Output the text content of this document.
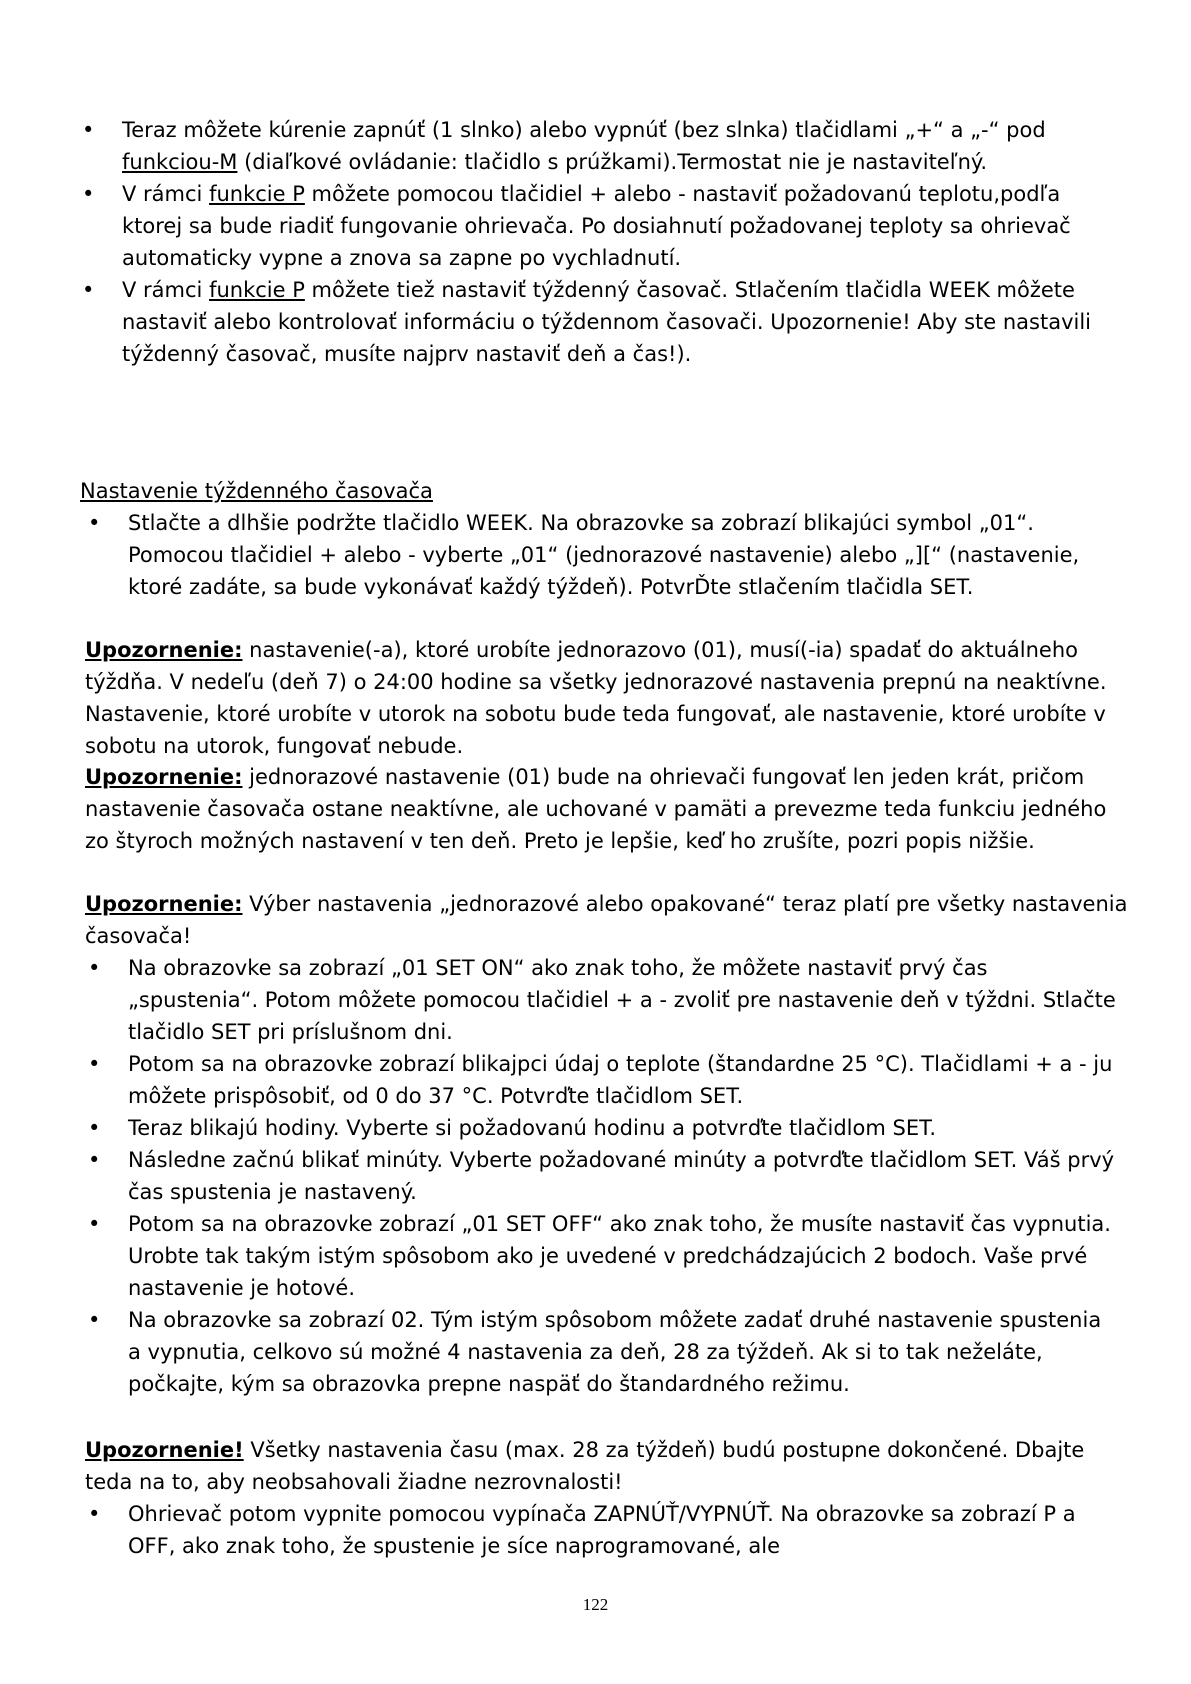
•	Teraz môžete kúrenie zapnúť (1 slnko) alebo vypnúť (bez slnka) tlačidlami „+“ a „-“ pod funkciou-M (diaľkové ovládanie: tlačidlo s prúžkami).Termostat nie je nastaviteľný.
•	V rámci funkcie P môžete pomocou tlačidiel + alebo - nastaviť požadovanú teplotu,podľa ktorej sa bude riadiť fungovanie ohrievača. Po dosiahnutí požadovanej teploty sa ohrievač automaticky vypne a znova sa zapne po vychladnutí.
•	V rámci funkcie P môžete tiež nastaviť týždenný časovač. Stlačením tlačidla WEEK môžete nastaviť alebo kontrolovať informáciu o týždennom časovači. Upozornenie! Aby ste nastavili týždenný časovač, musíte najprv nastaviť deň a čas!).
Nastavenie týždenného časovača
•	Stlačte a dlhšie podržte tlačidlo WEEK. Na obrazovke sa zobrazí blikajúci symbol „01“. Pomocou tlačidiel + alebo - vyberte „01“ (jednorazové nastavenie) alebo „][“ (nastavenie, ktoré zadáte, sa bude vykonávať každý týždeň). PotvrĎte stlačením tlačidla SET.

Upozornenie: nastavenie(-a), ktoré urobíte jednorazovo (01), musí(-ia) spadať do aktuálneho týždňa. V nedeľu (deň 7) o 24:00 hodine sa všetky jednorazové nastavenia prepnú na neaktívne. Nastavenie, ktoré urobíte v utorok na sobotu bude teda fungovať, ale nastavenie, ktoré urobíte v sobotu na utorok, fungovať nebude.

Upozornenie: jednorazové nastavenie (01) bude na ohrievači fungovať len jeden krát, pričom nastavenie časovača ostane neaktívne, ale uchované v pamäti a prevezme teda funkciu jedného zo štyroch možných nastavení v ten deň. Preto je lepšie, keď ho zrušíte, pozri popis nižšie.

Upozornenie: Výber nastavenia „jednorazové alebo opakované“ teraz platí pre všetky nastavenia časovača!

•	Na obrazovke sa zobrazí „01 SET ON“ ako znak toho, že môžete nastaviť prvý čas „spustenia“. Potom môžete pomocou tlačidiel + a - zvoliť pre nastavenie deň v týždni. Stlačte tlačidlo SET pri príslušnom dni.
•	Potom sa na obrazovke zobrazí blikajpci údaj o teplote (štandardne 25 °C). Tlačidlami + a - ju môžete prispôsobiť, od 0 do 37 °C. Potvrďte tlačidlom SET.
•	Teraz blikajú hodiny. Vyberte si požadovanú hodinu a potvrďte tlačidlom SET.
•	Následne začnú blikať minúty. Vyberte požadované minúty a potvrďte tlačidlom SET. Váš prvý čas spustenia je nastavený.
•	Potom sa na obrazovke zobrazí „01 SET OFF“ ako znak toho, že musíte nastaviť čas vypnutia. Urobte tak takým istým spôsobom ako je uvedené v predchádzajúcich 2 bodoch. Vaše prvé nastavenie je hotové.
•	Na obrazovke sa zobrazí 02. Tým istým spôsobom môžete zadať druhé nastavenie spustenia a vypnutia, celkovo sú možné 4 nastavenia za deň, 28 za týždeň. Ak si to tak neželáte, počkajte, kým sa obrazovka prepne naspäť do štandardného režimu.

Upozornenie! Všetky nastavenia času (max. 28 za týždeň) budú postupne dokončené. Dbajte teda na to, aby neobsahovali žiadne nezrovnalosti!

•	Ohrievač potom vypnite pomocou vypínača ZAPNÚŤ/VYPNÚŤ. Na obrazovke sa zobrazí P a OFF, ako znak toho, že spustenie je síce naprogramované, ale
122
